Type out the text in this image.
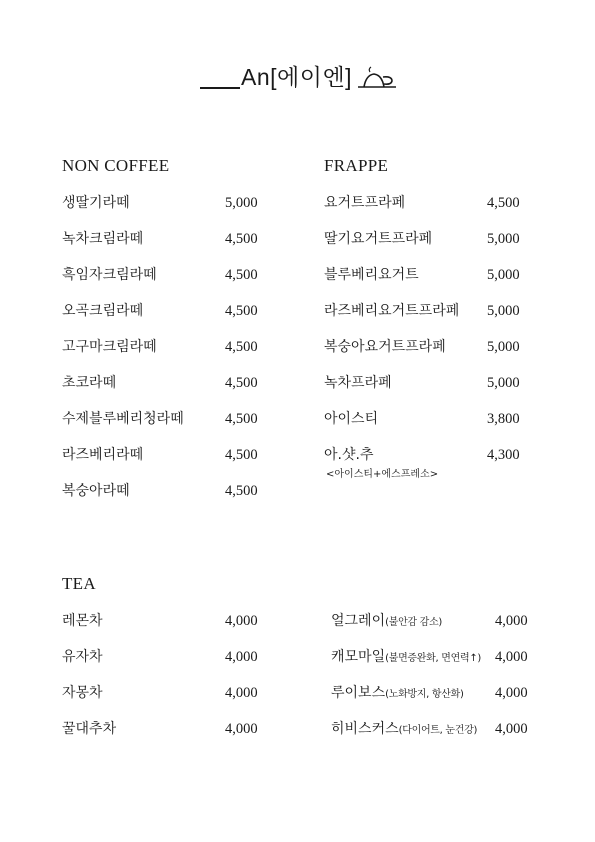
An[에이엔]
NON COFFEE
생딸기라떼	5,000
녹차크림라떼	4,500
흑임자크림라떼	4,500
오곡크림라떼	4,500
고구마크림라떼	4,500
초코라떼	4,500
수제블루베리청라떼	4,500
라즈베리라떼	4,500
복숭아라떼	4,500
FRAPPE
요거트프라페	4,500
딸기요거트프라페	5,000
블루베리요거트	5,000
라즈베리요거트프라페 5,000
복숭아요거트프라페	5,000
녹차프라페	5,000
아이스티	3,800
아.샷.추	4,300
<아이스티+에스프레소>
TEA
레몬차	4,000
유자차	4,000
자몽차	4,000
꿀대추차	4,000
얼그레이(불안감 감소)	4,000
캐모마일(불면증완화, 면연력↑) 4,000
루이보스(노화방지, 항산화) 4,000
히비스커스(다이어트, 눈건강) 4,000
